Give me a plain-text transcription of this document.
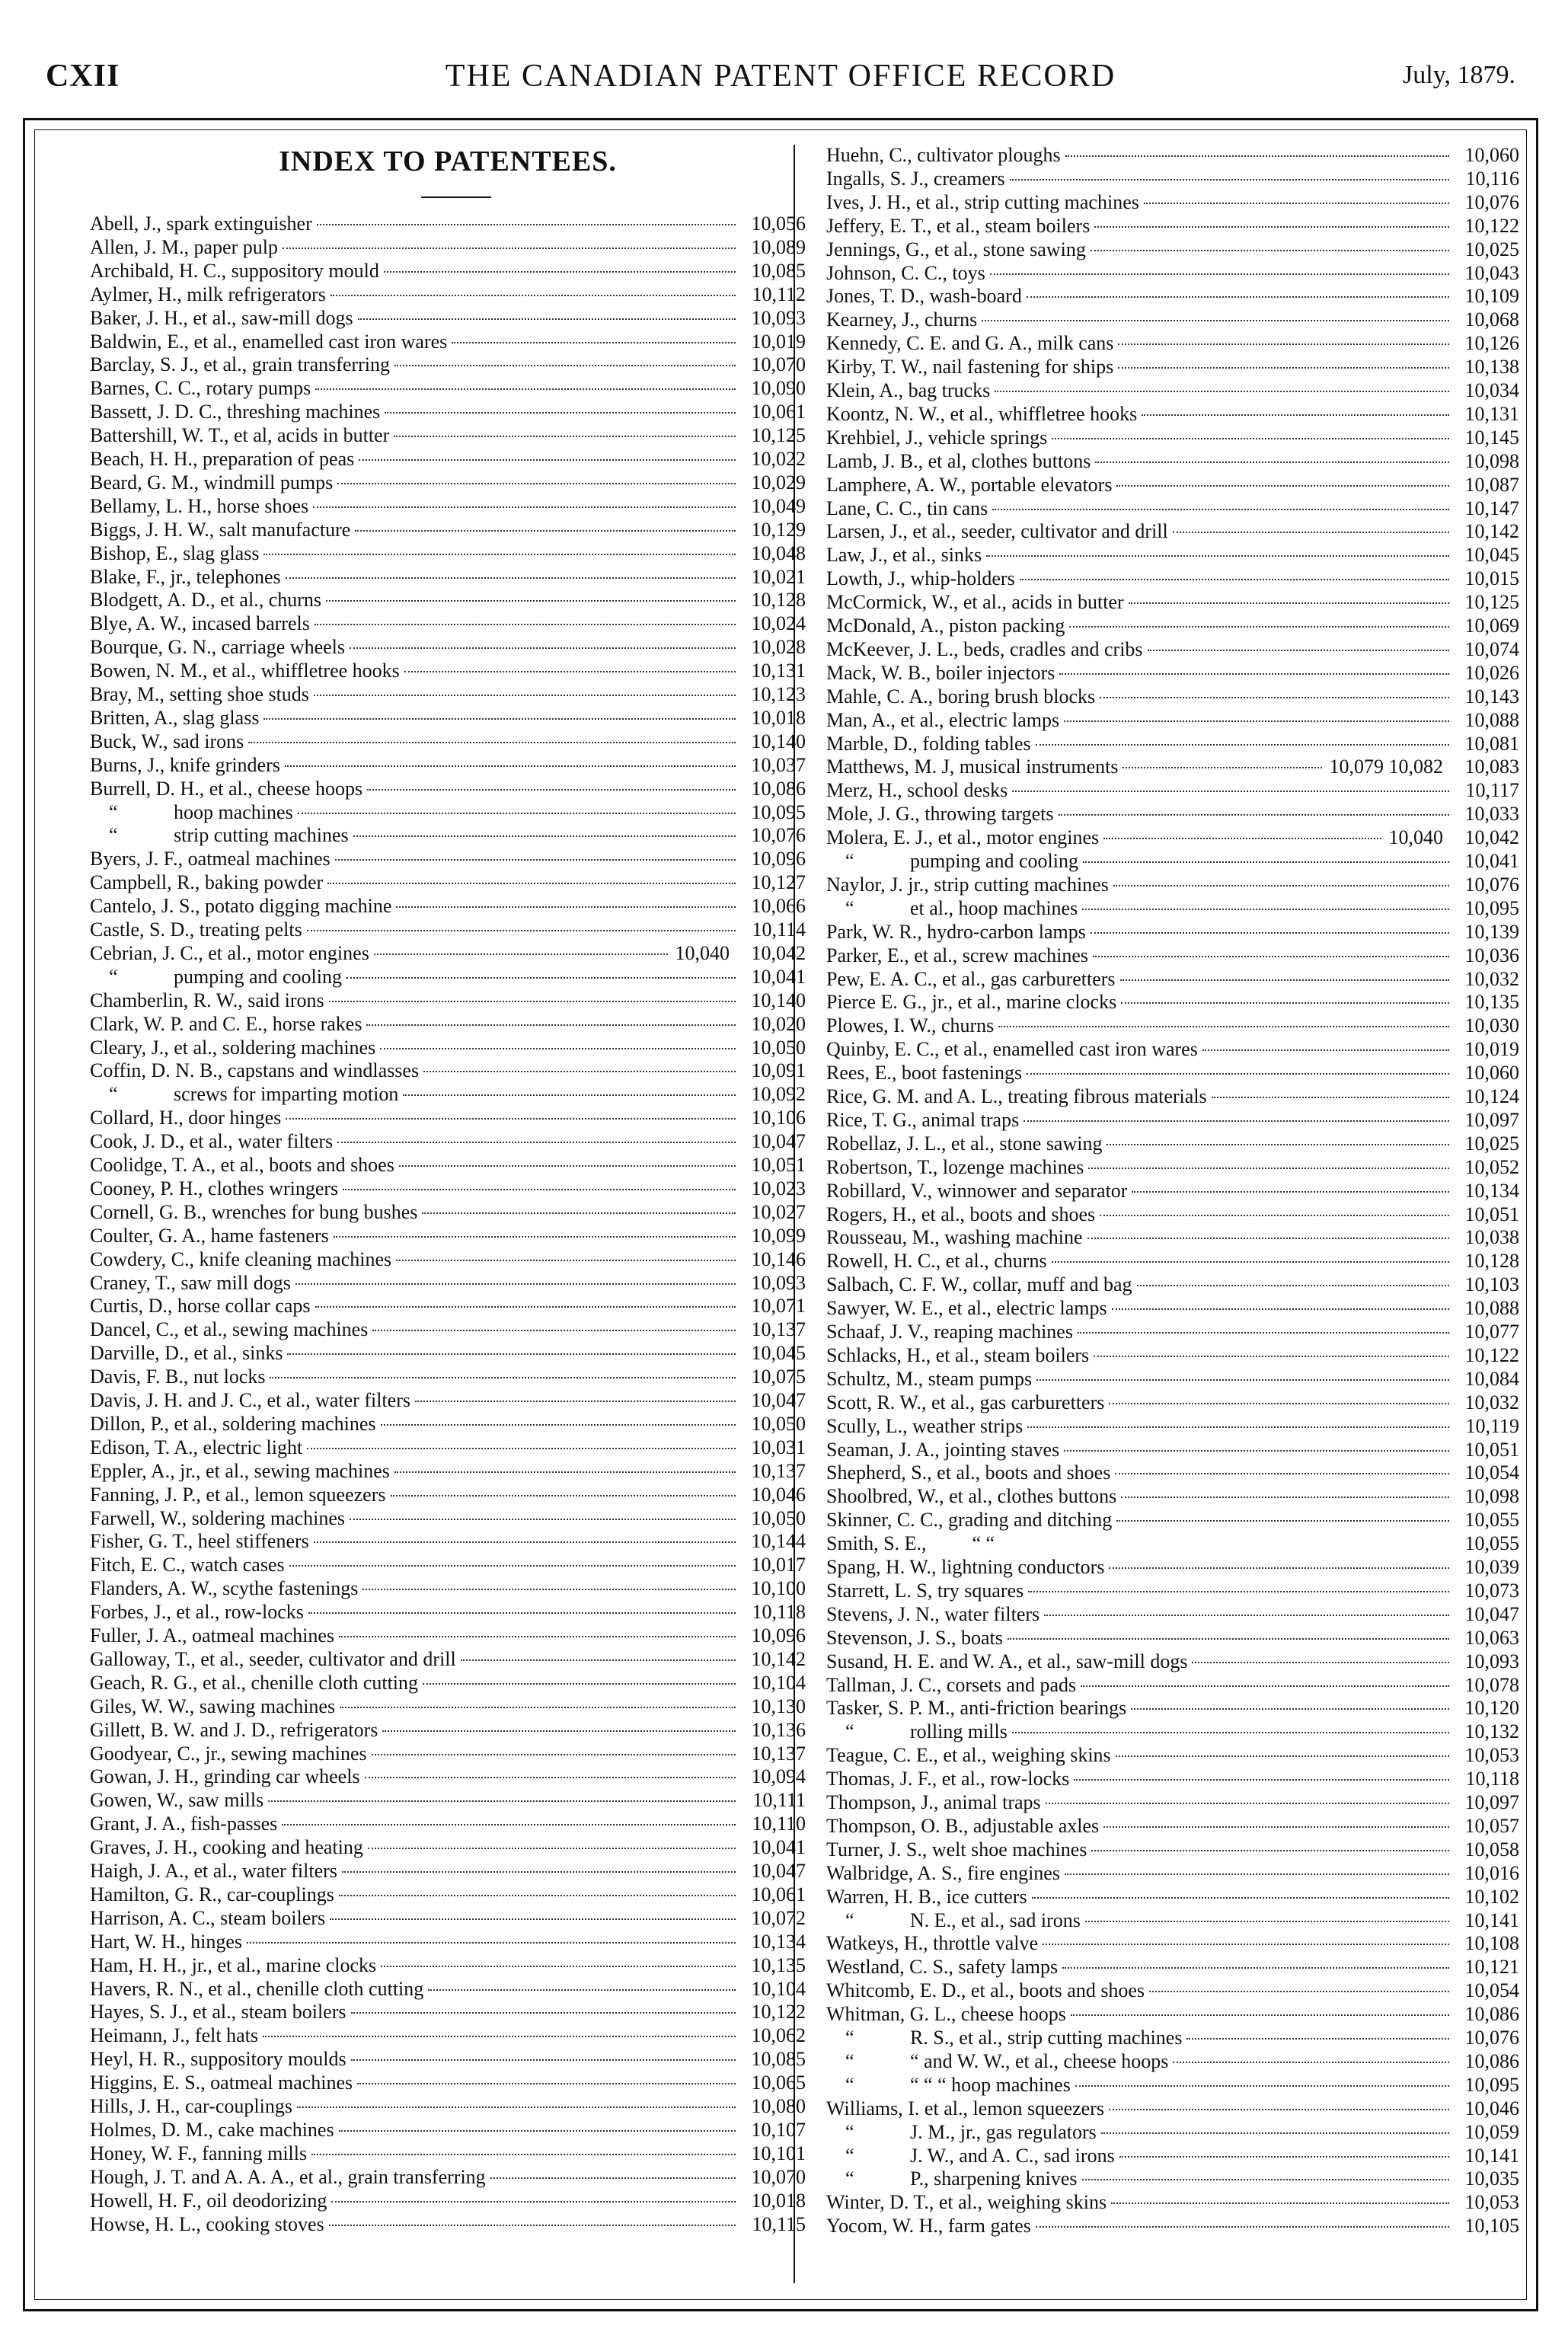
CXII	THE CANADIAN PATENT OFFICE RECORD	July, 1879.
INDEX TO PATENTEES.
Abell, J., spark extinguisher	10,056
Allen, J. M., paper pulp	10,089
Archibald, H. C., suppository mould	10,085
Aylmer, H., milk refrigerators	10,112
Baker, J. H., et al., saw-mill dogs	10,093
Baldwin, E., et al., enamelled cast iron wares	10,019
Barclay, S. J., et al., grain transferring	10,070
Barnes, C. C., rotary pumps	10,090
Bassett, J. D. C., threshing machines	10,061
Battershill, W. T., et al, acids in butter	10,125
Beach, H. H., preparation of peas	10,022
Beard, G. M., windmill pumps	10,029
Bellamy, L. H., horse shoes	10,049
Biggs, J. H. W., salt manufacture	10,129
Bishop, E., slag glass	10,048
Blake, F., jr., telephones	10,021
Blodgett, A. D., et al., churns	10,128
Blye, A. W., incased barrels	10,024
Bourque, G. N., carriage wheels	10,028
Bowen, N. M., et al., whiffletree hooks	10,131
Bray, M., setting shoe studs	10,123
Britten, A., slag glass	10,018
Buck, W., sad irons	10,140
Burns, J., knife grinders	10,037
Burrell, D. H., et al., cheese hoops	10,086
“	hoop machines	10,095
“	strip cutting machines	10,076
Byers, J. F., oatmeal machines	10,096
Campbell, R., baking powder	10,127
Cantelo, J. S., potato digging machine	10,066
Castle, S. D., treating pelts	10,114
Cebrian, J. C., et al., motor engines	10,040 10,042
“	pumping and cooling	10,041
Chamberlin, R. W., said irons	10,140
Clark, W. P. and C. E., horse rakes	10,020
Cleary, J., et al., soldering machines	10,050
Coffin, D. N. B., capstans and windlasses	10,091
“	screws for imparting motion	10,092
Collard, H., door hinges	10,106
Cook, J. D., et al., water filters	10,047
Coolidge, T. A., et al., boots and shoes	10,051
Cooney, P. H., clothes wringers	10,023
Cornell, G. B., wrenches for bung bushes	10,027
Coulter, G. A., hame fasteners	10,099
Cowdery, C., knife cleaning machines	10,146
Craney, T., saw mill dogs	10,093
Curtis, D., horse collar caps	10,071
Dancel, C., et al., sewing machines	10,137
Darville, D., et al., sinks	10,045
Davis, F. B., nut locks	10,075
Davis, J. H. and J. C., et al., water filters	10,047
Dillon, P., et al., soldering machines	10,050
Edison, T. A., electric light	10,031
Eppler, A., jr., et al., sewing machines	10,137
Fanning, J. P., et al., lemon squeezers	10,046
Farwell, W., soldering machines	10,050
Fisher, G. T., heel stiffeners	10,144
Fitch, E. C., watch cases	10,017
Flanders, A. W., scythe fastenings	10,100
Forbes, J., et al., row-locks	10,118
Fuller, J. A., oatmeal machines	10,096
Galloway, T., et al., seeder, cultivator and drill	10,142
Geach, R. G., et al., chenille cloth cutting	10,104
Giles, W. W., sawing machines	10,130
Gillett, B. W. and J. D., refrigerators	10,136
Goodyear, C., jr., sewing machines	10,137
Gowan, J. H., grinding car wheels	10,094
Gowen, W., saw mills	10,111
Grant, J. A., fish-passes	10,110
Graves, J. H., cooking and heating	10,041
Haigh, J. A., et al., water filters	10,047
Hamilton, G. R., car-couplings	10,061
Harrison, A. C., steam boilers	10,072
Hart, W. H., hinges	10,134
Ham, H. H., jr., et al., marine clocks	10,135
Havers, R. N., et al., chenille cloth cutting	10,104
Hayes, S. J., et al., steam boilers	10,122
Heimann, J., felt hats	10,062
Heyl, H. R., suppository moulds	10,085
Higgins, E. S., oatmeal machines	10,065
Hills, J. H., car-couplings	10,080
Holmes, D. M., cake machines	10,107
Honey, W. F., fanning mills	10,101
Hough, J. T. and A. A. A., et al., grain transferring	10,070
Howell, H. F., oil deodorizing	10,018
Howse, H. L., cooking stoves	10,115
Huehn, C., cultivator ploughs	10,060
Ingalls, S. J., creamers	10,116
Ives, J. H., et al., strip cutting machines	10,076
Jeffery, E. T., et al., steam boilers	10,122
Jennings, G., et al., stone sawing	10,025
Johnson, C. C., toys	10,043
Jones, T. D., wash-board	10,109
Kearney, J., churns	10,068
Kennedy, C. E. and G. A., milk cans	10,126
Kirby, T. W., nail fastening for ships	10,138
Klein, A., bag trucks	10,034
Koontz, N. W., et al., whiffletree hooks	10,131
Krehbiel, J., vehicle springs	10,145
Lamb, J. B., et al, clothes buttons	10,098
Lamphere, A. W., portable elevators	10,087
Lane, C. C., tin cans	10,147
Larsen, J., et al., seeder, cultivator and drill	10,142
Law, J., et al., sinks	10,045
Lowth, J., whip-holders	10,015
McCormick, W., et al., acids in butter	10,125
McDonald, A., piston packing	10,069
McKeever, J. L., beds, cradles and cribs	10,074
Mack, W. B., boiler injectors	10,026
Mahle, C. A., boring brush blocks	10,143
Man, A., et al., electric lamps	10,088
Marble, D., folding tables	10,081
Matthews, M. J, musical instruments	10,079 10,082 10,083
Merz, H., school desks	10,117
Mole, J. G., throwing targets	10,033
Molera, E. J., et al., motor engines	10,040 10,042
“	pumping and cooling	10,041
Naylor, J. jr., strip cutting machines	10,076
“	et al., hoop machines	10,095
Park, W. R., hydro-carbon lamps	10,139
Parker, E., et al., screw machines	10,036
Pew, E. A. C., et al., gas carburetters	10,032
Pierce E. G., jr., et al., marine clocks	10,135
Plowes, I. W., churns	10,030
Quinby, E. C., et al., enamelled cast iron wares	10,019
Rees, E., boot fastenings	10,060
Rice, G. M. and A. L., treating fibrous materials	10,124
Rice, T. G., animal traps	10,097
Robellaz, J. L., et al., stone sawing	10,025
Robertson, T., lozenge machines	10,052
Robillard, V., winnower and separator	10,134
Rogers, H., et al., boots and shoes	10,051
Rousseau, M., washing machine	10,038
Rowell, H. C., et al., churns	10,128
Salbach, C. F. W., collar, muff and bag	10,103
Sawyer, W. E., et al., electric lamps	10,088
Schaaf, J. V., reaping machines	10,077
Schlacks, H., et al., steam boilers	10,122
Schultz, M., steam pumps	10,084
Scott, R. W., et al., gas carburetters	10,032
Scully, L., weather strips	10,119
Seaman, J. A., jointing staves	10,051
Shepherd, S., et al., boots and shoes	10,054
Shoolbred, W., et al., clothes buttons	10,098
Skinner, C. C., grading and ditching	10,055
Smith, S. E., “ “	10,055
Spang, H. W., lightning conductors	10,039
Starrett, L. S, try squares	10,073
Stevens, J. N., water filters	10,047
Stevenson, J. S., boats	10,063
Susand, H. E. and W. A., et al., saw-mill dogs	10,093
Tallman, J. C., corsets and pads	10,078
Tasker, S. P. M., anti-friction bearings	10,120
“	rolling mills	10,132
Teague, C. E., et al., weighing skins	10,053
Thomas, J. F., et al., row-locks	10,118
Thompson, J., animal traps	10,097
Thompson, O. B., adjustable axles	10,057
Turner, J. S., welt shoe machines	10,058
Walbridge, A. S., fire engines	10,016
Warren, H. B., ice cutters	10,102
“	N. E., et al., sad irons	10,141
Watkeys, H., throttle valve	10,108
Westland, C. S., safety lamps	10,121
Whitcomb, E. D., et al., boots and shoes	10,054
Whitman, G. L., cheese hoops	10,086
“	R. S., et al., strip cutting machines	10,076
“	“ and W. W., et al., cheese hoops	10,086
“	“ “ “ hoop machines	10,095
Williams, I. et al., lemon squeezers	10,046
“	J. M., jr., gas regulators	10,059
“	J. W., and A. C., sad irons	10,141
“	P., sharpening knives	10,035
Winter, D. T., et al., weighing skins	10,053
Yocom, W. H., farm gates	10,105
